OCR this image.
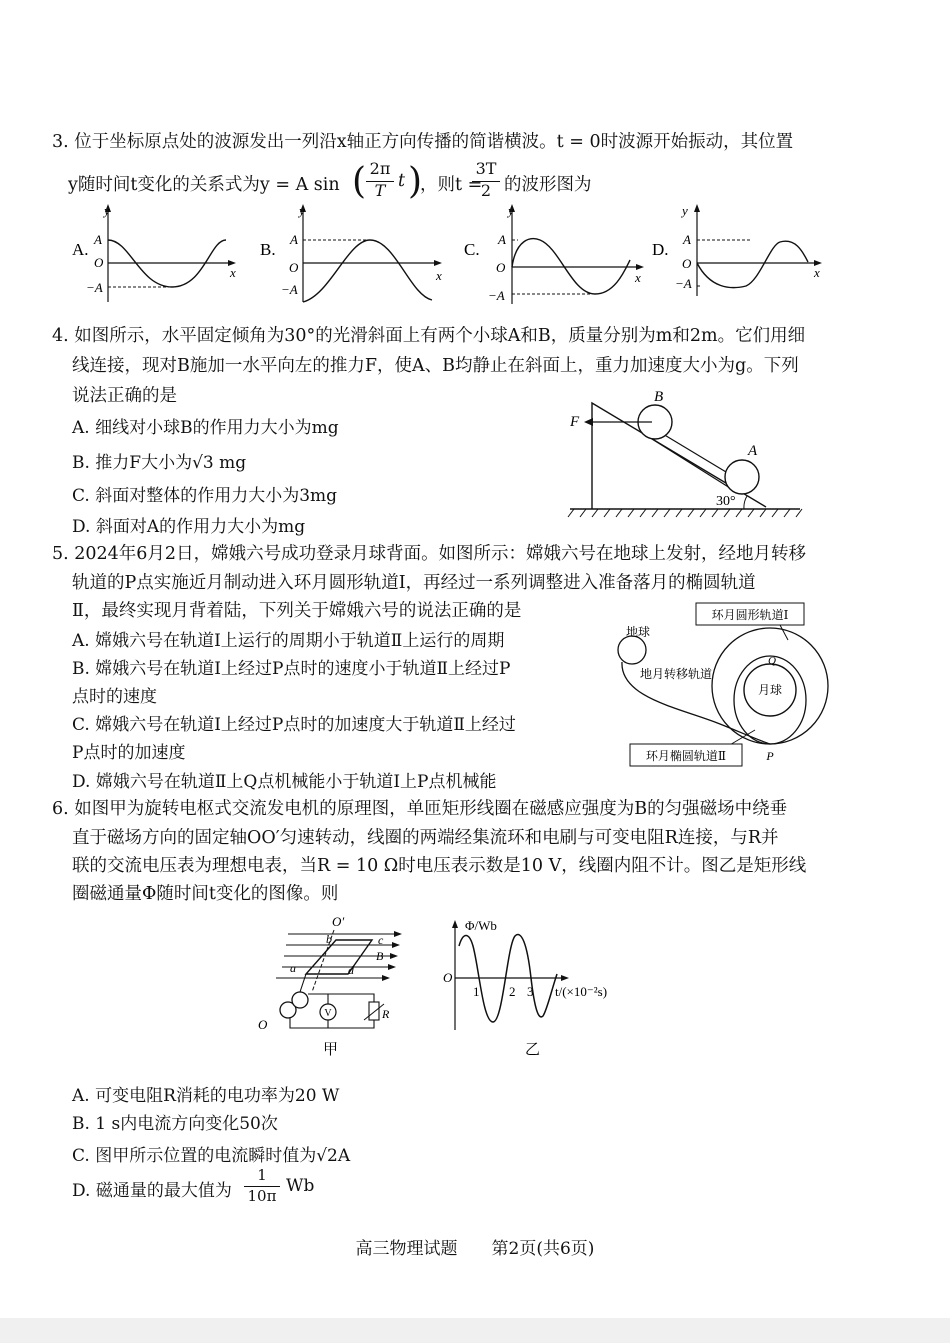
3. 位于坐标原点处的波源发出一列沿x轴正方向传播的简谐横波。t = 0时波源开始振动，其位置
y随时间t变化的关系式为y = A sin ( 2π
T t )
，则t =
3T
2 的波形图为
A.
y
x
A
O
−A
B.
y
x
A
O
−A
C.
y
x
A
O
−A
D.
y
x
A
O
−A
4. 如图所示，水平固定倾角为30°的光滑斜面上有两个小球A和B，质量分别为m和2m。它们用细
线连接，现对B施加一水平向左的推力F，使A、B均静止在斜面上，重力加速度大小为g。下列
说法正确的是
A. 细线对小球B的作用力大小为mg
B. 推力F大小为√3 mg
C. 斜面对整体的作用力大小为3mg
D. 斜面对A的作用力大小为mg
F
B
A
30°
5. 2024年6月2日，嫦娥六号成功登录月球背面。如图所示：嫦娥六号在地球上发射，经地月转移
轨道的P点实施近月制动进入环月圆形轨道Ⅰ，再经过一系列调整进入准备落月的椭圆轨道
Ⅱ，最终实现月背着陆，下列关于嫦娥六号的说法正确的是
A. 嫦娥六号在轨道Ⅰ上运行的周期小于轨道Ⅱ上运行的周期
B. 嫦娥六号在轨道Ⅰ上经过P点时的速度小于轨道Ⅱ上经过P
点时的速度
C. 嫦娥六号在轨道Ⅰ上经过P点时的加速度大于轨道Ⅱ上经过
P点时的加速度
D. 嫦娥六号在轨道Ⅱ上Q点机械能小于轨道Ⅰ上P点机械能
环月圆形轨道Ⅰ
月球
Q
地球
地月转移轨道
P
环月椭圆轨道Ⅱ
6. 如图甲为旋转电枢式交流发电机的原理图，单匝矩形线圈在磁感应强度为B的匀强磁场中绕垂
直于磁场方向的固定轴OO′匀速转动，线圈的两端经集流环和电刷与可变电阻R连接，与R并
联的交流电压表为理想电表，当R = 10 Ω时电压表示数是10 V，线圈内阻不计。图乙是矩形线
圈磁通量Φ随时间t变化的图像。则
O′
b	c
a	d
B
O
V	R
甲
Φ/Wb
O
1 2 3 t/(×10⁻²s)
乙
A. 可变电阻R消耗的电功率为20 W
B. 1 s内电流方向变化50次
C. 图甲所示位置的电流瞬时值为√2A
D. 磁通量的最大值为
1
10π Wb
高三物理试题　　第2页(共6页)
